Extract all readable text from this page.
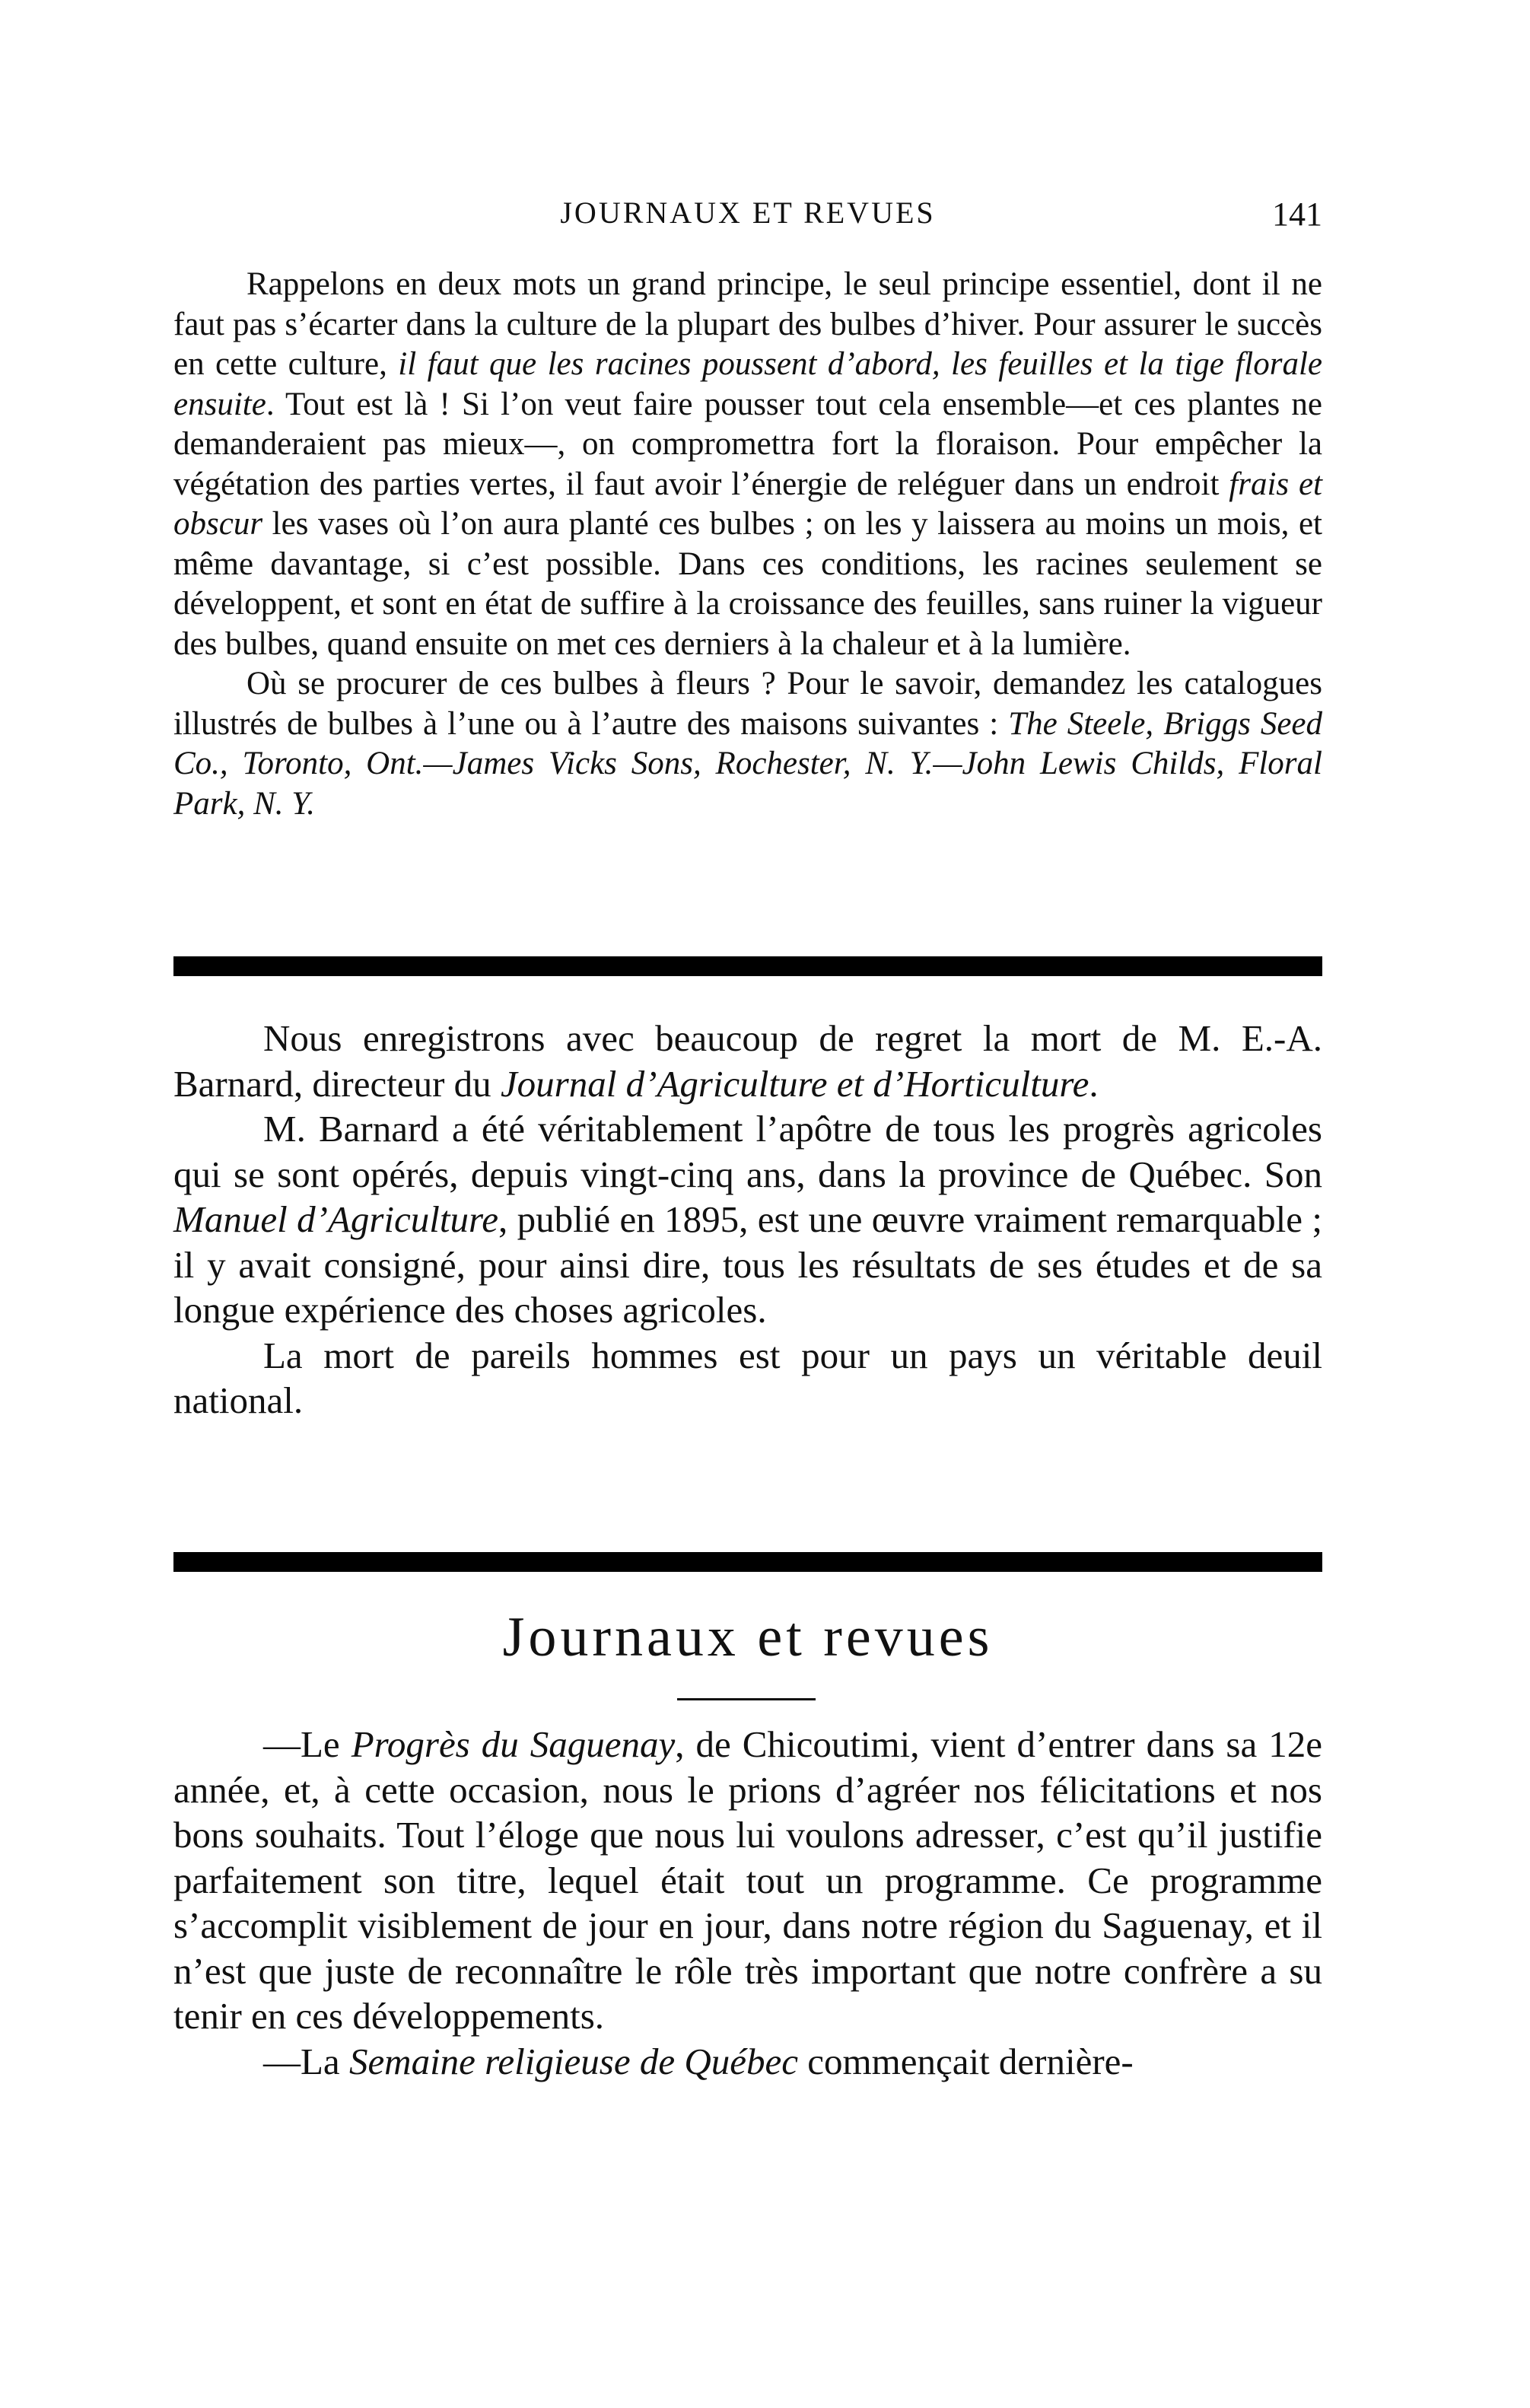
JOURNAUX ET REVUES	141

Rappelons en deux mots un grand principe, le seul principe essentiel, dont il ne faut pas s’écarter dans la culture de la plupart des bulbes d’hiver. Pour assurer le succès en cette culture, il faut que les racines poussent d’abord, les feuilles et la tige florale ensuite. Tout est là ! Si l’on veut faire pousser tout cela ensemble—et ces plantes ne demanderaient pas mieux—, on compromettra fort la floraison. Pour empêcher la végétation des parties vertes, il faut avoir l’énergie de reléguer dans un endroit frais et obscur les vases où l’on aura planté ces bulbes ; on les y laissera au moins un mois, et même davantage, si c’est possible. Dans ces conditions, les racines seulement se développent, et sont en état de suffire à la croissance des feuilles, sans ruiner la vigueur des bulbes, quand ensuite on met ces derniers à la chaleur et à la lumière.

Où se procurer de ces bulbes à fleurs ? Pour le savoir, demandez les catalogues illustrés de bulbes à l’une ou à l’autre des maisons suivantes : The Steele, Briggs Seed Co., Toronto, Ont.—James Vicks Sons, Rochester, N. Y.—John Lewis Childs, Floral Park, N. Y.

Nous enregistrons avec beaucoup de regret la mort de M. E.-A. Barnard, directeur du Journal d’Agriculture et d’Horticulture.

M. Barnard a été véritablement l’apôtre de tous les progrès agricoles qui se sont opérés, depuis vingt-cinq ans, dans la province de Québec. Son Manuel d’Agriculture, publié en 1895, est une œuvre vraiment remarquable ; il y avait consigné, pour ainsi dire, tous les résultats de ses études et de sa longue expérience des choses agricoles.

La mort de pareils hommes est pour un pays un véritable deuil national.

Journaux et revues

—Le Progrès du Saguenay, de Chicoutimi, vient d’entrer dans sa 12e année, et, à cette occasion, nous le prions d’agréer nos félicitations et nos bons souhaits. Tout l’éloge que nous lui voulons adresser, c’est qu’il justifie parfaitement son titre, lequel était tout un programme. Ce programme s’accomplit visiblement de jour en jour, dans notre région du Saguenay, et il n’est que juste de reconnaître le rôle très important que notre confrère a su tenir en ces développements.

—La Semaine religieuse de Québec commençait dernière-
